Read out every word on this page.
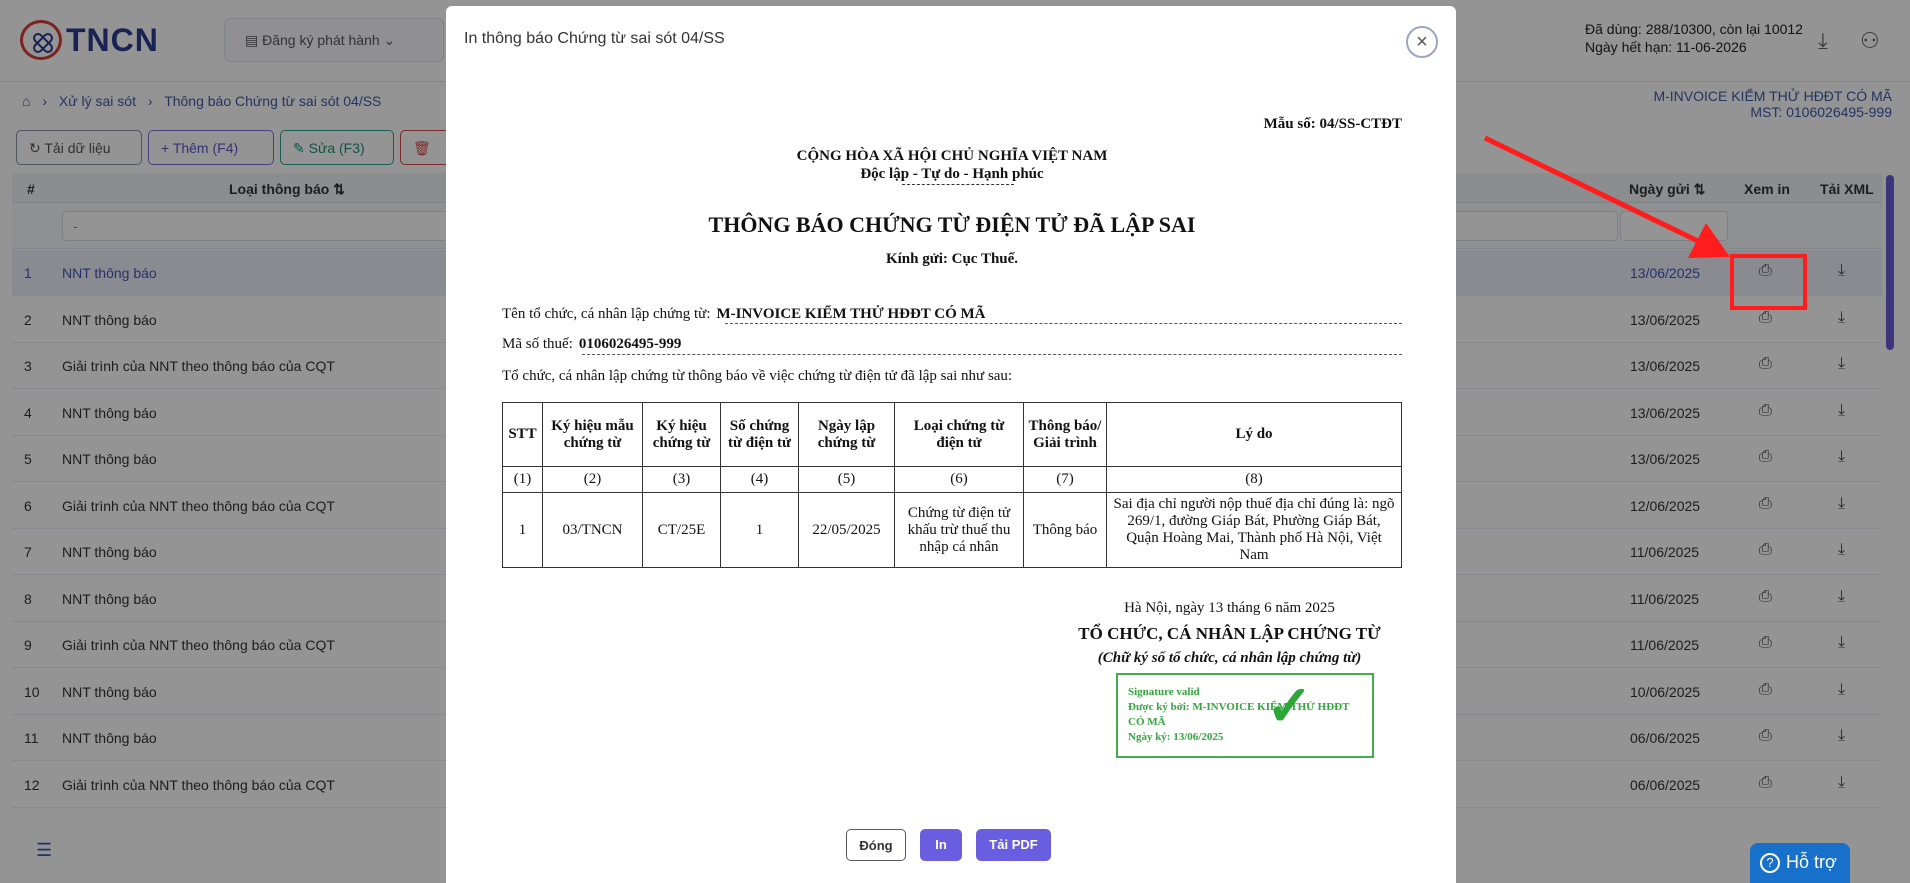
TNCN	▤ Đăng ký phát hành ⌄
Đã dùng: 288/10300, còn lại 10012
Ngày hết hạn: 11-06-2026	⤓ ⚇
⌂ › Xử lý sai sót › Thông báo Chứng từ sai sót 04/SS	M-INVOICE KIỂM THỬ HĐĐT CÓ MÃ
MST: 0106026495-999
↻ Tải dữ liệu	+ Thêm (F4)	✎ Sửa (F3)	🗑
#	Loại thông báo ⇅	Ngày gửi ⇅	Xem in Tải XML
-
1 NNT thông báo	13/06/2025	⎙	⤓
2 NNT thông báo	13/06/2025	⎙	⤓
3 Giải trình của NNT theo thông báo của CQT	13/06/2025	⎙	⤓
4 NNT thông báo	13/06/2025	⎙	⤓
5 NNT thông báo	13/06/2025	⎙	⤓
6 Giải trình của NNT theo thông báo của CQT	12/06/2025	⎙	⤓
7 NNT thông báo	11/06/2025	⎙	⤓
8 NNT thông báo	11/06/2025	⎙	⤓
9 Giải trình của NNT theo thông báo của CQT	11/06/2025	⎙	⤓
10 NNT thông báo	10/06/2025	⎙	⤓
11 NNT thông báo	06/06/2025	⎙	⤓
12 Giải trình của NNT theo thông báo của CQT	06/06/2025	⎙	⤓
☰
In thông báo Chứng từ sai sót 04/SS	×
Mẫu số: 04/SS-CTĐT
CỘNG HÒA XÃ HỘI CHỦ NGHĨA VIỆT NAM
Độc lập - Tự do - Hạnh phúc
THÔNG BÁO CHỨNG TỪ ĐIỆN TỬ ĐÃ LẬP SAI
Kính gửi: Cục Thuế.
Tên tổ chức, cá nhân lập chứng từ: M-INVOICE KIỂM THỬ HĐĐT CÓ MÃ
Mã số thuế: 0106026495-999
Tổ chức, cá nhân lập chứng từ thông báo về việc chứng từ điện tử đã lập sai như sau:
STT	Ký hiệu mẫu chứng từ	Ký hiệu chứng từ	Số chứng từ điện tử	Ngày lập chứng từ	Loại chứng từ điện tử	Thông báo/ Giải trình	Lý do
(1)	(2)	(3)	(4)	(5)	(6)	(7)	(8)
1	03/TNCN	CT/25E	1	22/05/2025	Chứng từ điện tử khấu trừ thuế thu nhập cá nhân	Thông báo	Sai địa chỉ người nộp thuế địa chỉ đúng là: ngõ 269/1, đường Giáp Bát, Phường Giáp Bát, Quận Hoàng Mai, Thành phố Hà Nội, Việt Nam
Hà Nội, ngày 13 tháng 6 năm 2025
TỔ CHỨC, CÁ NHÂN LẬP CHỨNG TỪ
(Chữ ký số tổ chức, cá nhân lập chứng từ)
Signature valid
Được ký bởi: M-INVOICE KIỂM THỬ HĐĐT CÓ MÃ
Ngày ký: 13/06/2025 ✓
Đóng	In	Tải PDF
? Hỗ trợ
